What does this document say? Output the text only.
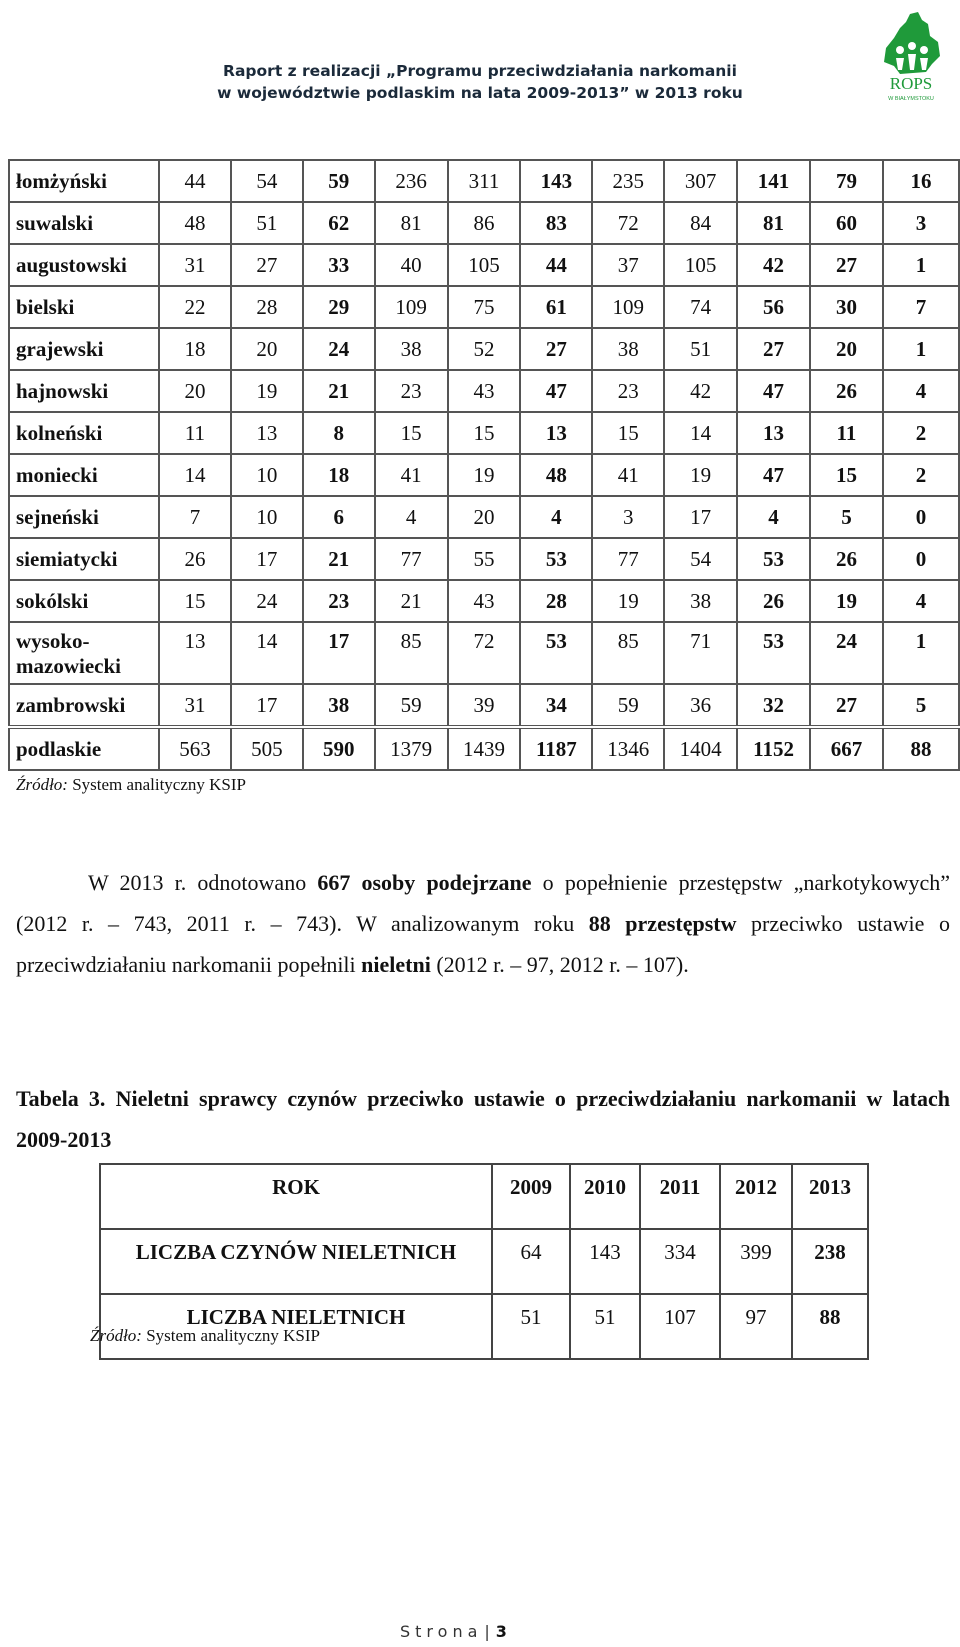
Raport z realizacji „Programu przeciwdziałania narkomanii
w województwie podlaskim na lata 2009-2013” w 2013 roku	ROPS
W BIAŁYMSTOKU
łomżyński	44	54	59	236	311	143	235	307	141	79	16
suwalski	48	51	62	81	86	83	72	84	81	60	3
augustowski	31	27	33	40	105	44	37	105	42	27	1
bielski	22	28	29	109	75	61	109	74	56	30	7
grajewski	18	20	24	38	52	27	38	51	27	20	1
hajnowski	20	19	21	23	43	47	23	42	47	26	4
kolneński	11	13	8	15	15	13	15	14	13	11	2
moniecki	14	10	18	41	19	48	41	19	47	15	2
sejneński	7	10	6	4	20	4	3	17	4	5	0
siemiatycki	26	17	21	77	55	53	77	54	53	26	0
sokólski	15	24	23	21	43	28	19	38	26	19	4
wysoko- mazowiecki	13	14	17	85	72	53	85	71	53	24	1
zambrowski	31	17	38	59	39	34	59	36	32	27	5
podlaskie	563	505	590	1379	1439	1187	1346	1404	1152	667	88
Źródło: System analityczny KSIP
W 2013 r. odnotowano 667 osoby podejrzane o popełnienie przestępstw „narkotykowych” (2012 r. – 743, 2011 r. – 743). W analizowanym roku 88 przestępstw przeciwko ustawie o przeciwdziałaniu narkomanii popełnili nieletni (2012 r. – 97, 2012 r. – 107).
Tabela 3. Nieletni sprawcy czynów przeciwko ustawie o przeciwdziałaniu narkomanii w latach 2009-2013
ROK	2009	2010	2011	2012	2013
LICZBA CZYNÓW NIELETNICH	64	143	334	399	238
LICZBA NIELETNICH	51	51	107	97	88
Źródło: System analityczny KSIP
Strona | 3
